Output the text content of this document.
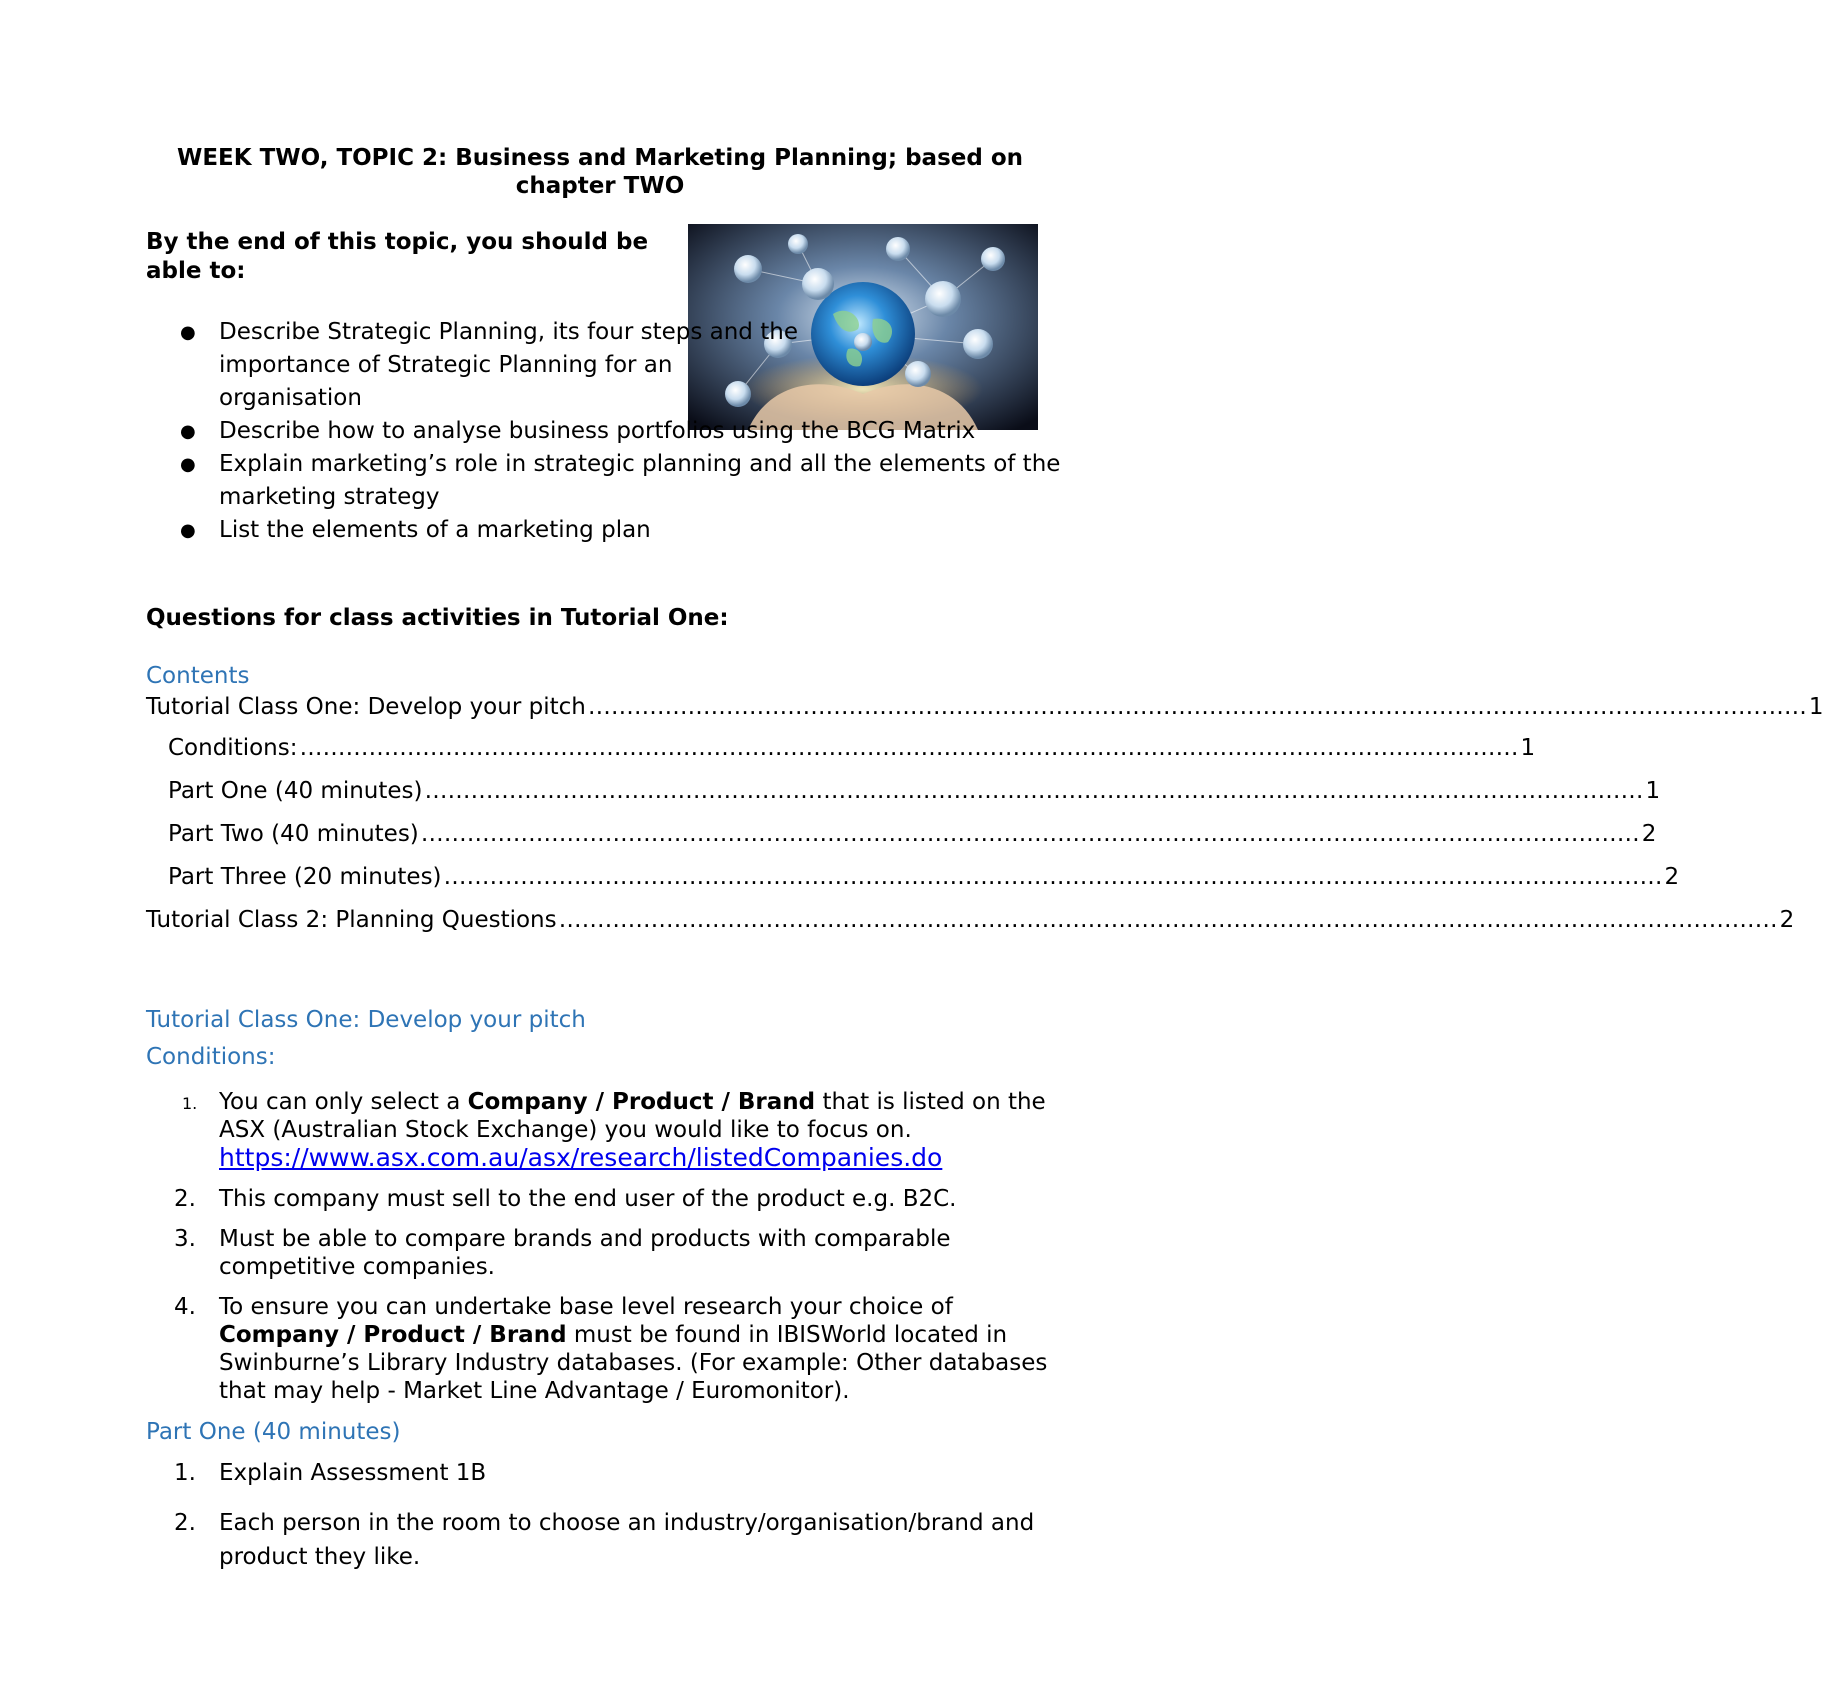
WEEK TWO, TOPIC 2: Business and Marketing Planning; based on chapter TWO
By the end of this topic, you should be able to:
● Describe Strategic Planning, its four steps and the importance of Strategic Planning for an organisation
● Describe how to analyse business portfolios using the BCG Matrix
● Explain marketing’s role in strategic planning and all the elements of the marketing strategy
● List the elements of a marketing plan
Questions for class activities in Tutorial One:
Contents
Tutorial Class One: Develop your pitch …………………………………………………………………………………………………………………………………………… 1
Conditions: …………………………………………………………………………………………………………………………………………… 1
Part One (40 minutes) …………………………………………………………………………………………………………………………………………… 1
Part Two (40 minutes) …………………………………………………………………………………………………………………………………………… 2
Part Three (20 minutes) …………………………………………………………………………………………………………………………………………… 2
Tutorial Class 2: Planning Questions …………………………………………………………………………………………………………………………………………… 2
Tutorial Class One: Develop your pitch
Conditions:
1. You can only select a Company / Product / Brand that is listed on the ASX (Australian Stock Exchange) you would like to focus on.
https://www.asx.com.au/asx/research/listedCompanies.do
2. This company must sell to the end user of the product e.g. B2C.
3. Must be able to compare brands and products with comparable competitive companies.
4. To ensure you can undertake base level research your choice of Company / Product / Brand must be found in IBISWorld located in Swinburne’s Library Industry databases. (For example: Other databases that may help - Market Line Advantage / Euromonitor).
Part One (40 minutes)
1. Explain Assessment 1B
2. Each person in the room to choose an industry/organisation/brand and product they like.
